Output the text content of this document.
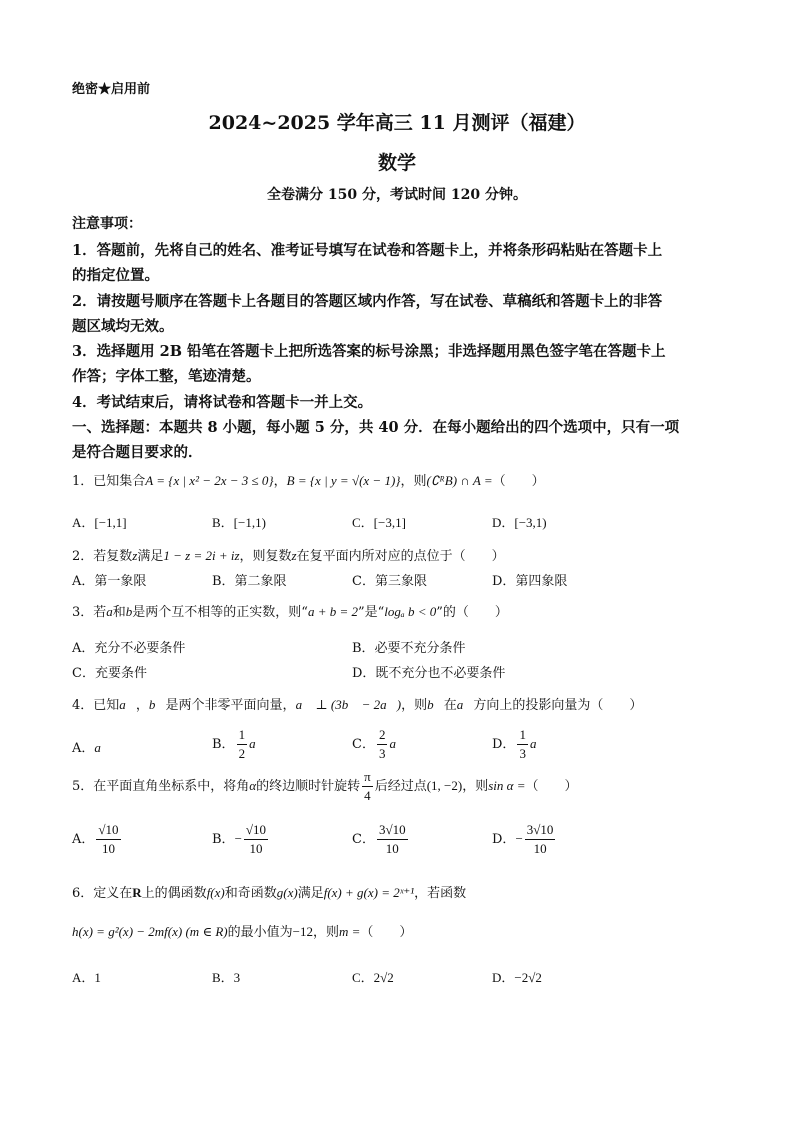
绝密★启用前
2024~2025 学年高三 11 月测评（福建）
数学
全卷满分 150 分，考试时间 120 分钟。
注意事项：
1．答题前，先将自己的姓名、准考证号填写在试卷和答题卡上，并将条形码粘贴在答题卡上
的指定位置。
2．请按题号顺序在答题卡上各题目的答题区域内作答，写在试卷、草稿纸和答题卡上的非答
题区域均无效。
3．选择题用 2B 铅笔在答题卡上把所选答案的标号涂黑；非选择题用黑色签字笔在答题卡上
作答；字体工整，笔迹清楚。
4．考试结束后，请将试卷和答题卡一并上交。
一、选择题：本题共 8 小题，每小题 5 分，共 40 分．在每小题给出的四个选项中，只有一项
是符合题目要求的．
1．已知集合A = {x | x² − 2x − 3 ≤ 0}，B = {x | y = √(x − 1)}，则(∁ᴿB) ∩ A =（　　）
A．[−1,1]	B．[−1,1)	C．[−3,1]	D．[−3,1)
2．若复数z满足1 − z = 2i + iz，则复数z在复平面内所对应的点位于（　　）
A．第一象限	B．第二象限	C．第三象限	D．第四象限
3．若a和b是两个互不相等的正实数，则“a + b = 2”是“logₐ b < 0”的（　　）
A．充分不必要条件	B．必要不充分条件
C．充要条件	D．既不充分也不必要条件
4．已知a⃗，b⃗是两个非零平面向量，a⃗ ⊥ (3b⃗ − 2a⃗)，则b⃗在a⃗方向上的投影向量为（　　）
A．a⃗	B． $\frac{1}{2}$ a⃗	C． $\frac{2}{3}$ a⃗	D． $\frac{1}{3}$ a⃗
5．在平面直角坐标系中，将角α的终边顺时针旋转 $\frac{\pi}{4}$ 后经过点(1, −2)，则sin α =（　　）
A． $\frac{√10}{10}$	B．− $\frac{√10}{10}$	C． $\frac{3√10}{10}$	D．− $\frac{3√10}{10}$
6．定义在R上的偶函数f(x)和奇函数g(x)满足f(x) + g(x) = 2ˣ⁺¹，若函数
h(x) = g²(x) − 2mf(x) (m ∈ R)的最小值为−12，则m =（　　）
A．1	B．3	C．2√2	D．−2√2
